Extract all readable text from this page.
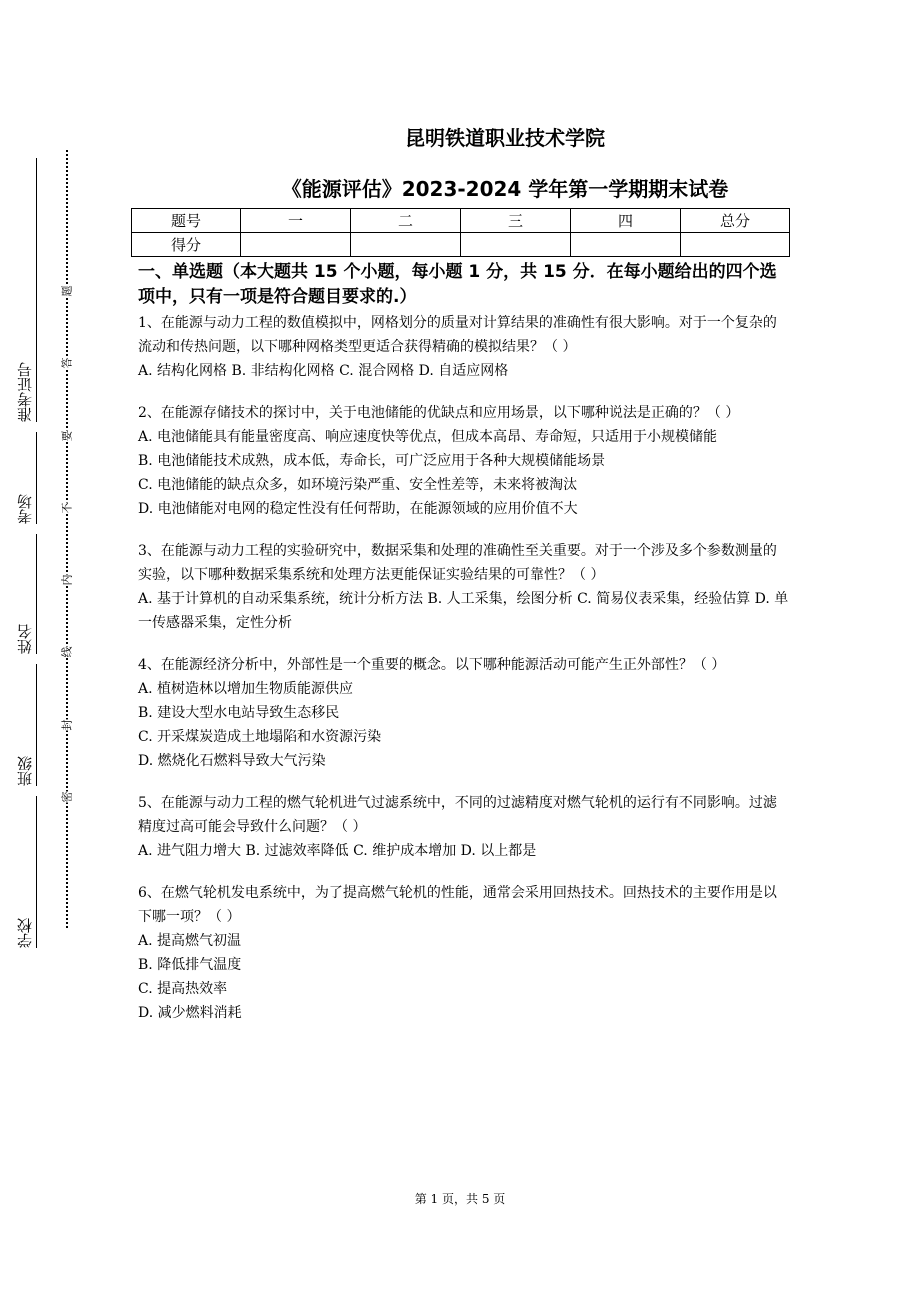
题
答
要
不
内
线
封
密
准考证号
考场
姓名
班级
学校
昆明铁道职业技术学院
《能源评估》2023-2024 学年第一学期期末试卷
题号	一	二	三	四	总分
得分					
一、单选题（本大题共 15 个小题，每小题 1 分，共 15 分．在每小题给出的四个选项中，只有一项是符合题目要求的.）
1、在能源与动力工程的数值模拟中，网格划分的质量对计算结果的准确性有很大影响。对于一个复杂的流动和传热问题，以下哪种网格类型更适合获得精确的模拟结果？（ ）
A. 结构化网格 B. 非结构化网格 C. 混合网格 D. 自适应网格
2、在能源存储技术的探讨中，关于电池储能的优缺点和应用场景，以下哪种说法是正确的？（ ）
A. 电池储能具有能量密度高、响应速度快等优点，但成本高昂、寿命短，只适用于小规模储能
B. 电池储能技术成熟，成本低，寿命长，可广泛应用于各种大规模储能场景
C. 电池储能的缺点众多，如环境污染严重、安全性差等，未来将被淘汰
D. 电池储能对电网的稳定性没有任何帮助，在能源领域的应用价值不大
3、在能源与动力工程的实验研究中，数据采集和处理的准确性至关重要。对于一个涉及多个参数测量的实验，以下哪种数据采集系统和处理方法更能保证实验结果的可靠性？（ ）
A. 基于计算机的自动采集系统，统计分析方法 B. 人工采集，绘图分析 C. 简易仪表采集，经验估算 D. 单一传感器采集，定性分析
4、在能源经济分析中，外部性是一个重要的概念。以下哪种能源活动可能产生正外部性？（ ）
A. 植树造林以增加生物质能源供应
B. 建设大型水电站导致生态移民
C. 开采煤炭造成土地塌陷和水资源污染
D. 燃烧化石燃料导致大气污染
5、在能源与动力工程的燃气轮机进气过滤系统中，不同的过滤精度对燃气轮机的运行有不同影响。过滤精度过高可能会导致什么问题？（ ）
A. 进气阻力增大 B. 过滤效率降低 C. 维护成本增加 D. 以上都是
6、在燃气轮机发电系统中，为了提高燃气轮机的性能，通常会采用回热技术。回热技术的主要作用是以下哪一项？（ ）
A. 提高燃气初温
B. 降低排气温度
C. 提高热效率
D. 减少燃料消耗
第 1 页，共 5 页
